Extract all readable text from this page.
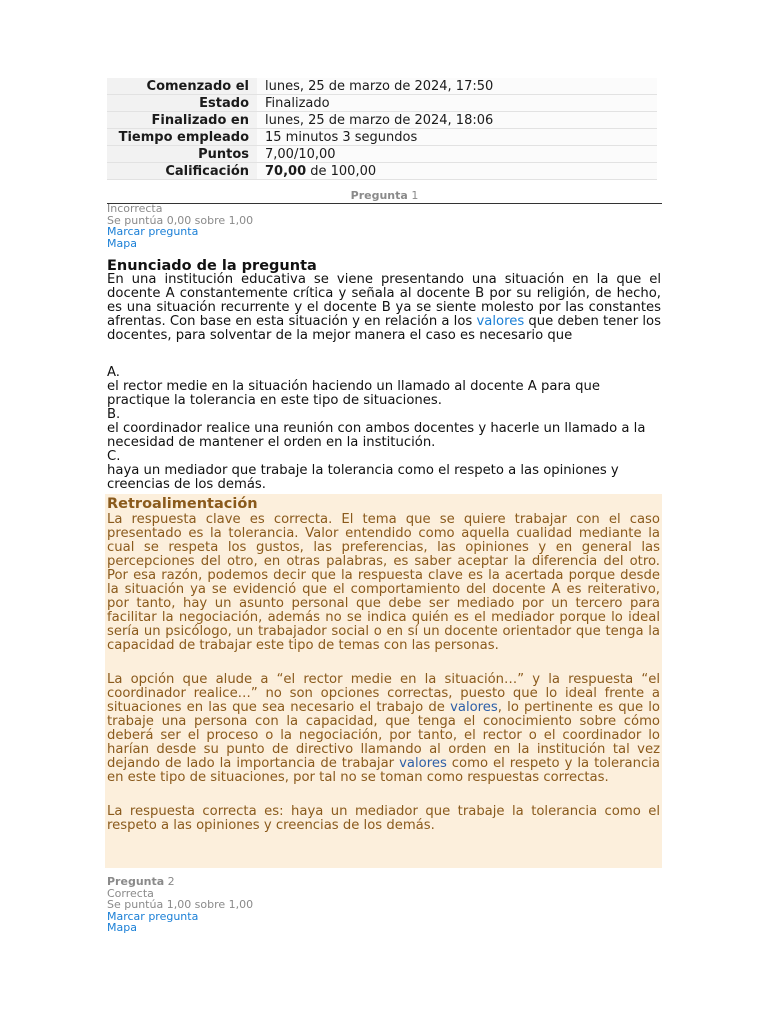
Comenzado el	lunes, 25 de marzo de 2024, 17:50
Estado	Finalizado
Finalizado en	lunes, 25 de marzo de 2024, 18:06
Tiempo empleado	15 minutos 3 segundos
Puntos	7,00/10,00
Calificación	70,00 de 100,00
Pregunta 1
Incorrecta
Se puntúa 0,00 sobre 1,00
Marcar pregunta
Mapa
Enunciado de la pregunta
En una institución educativa se viene presentando una situación en la que el docente A constantemente crítica y señala al docente B por su religión, de hecho, es una situación recurrente y el docente B ya se siente molesto por las constantes afrentas. Con base en esta situación y en relación a los valores que deben tener los docentes, para solventar de la mejor manera el caso es necesario que

A.

el rector medie en la situación haciendo un llamado al docente A para que practique la tolerancia en este tipo de situaciones.

B.

el coordinador realice una reunión con ambos docentes y hacerle un llamado a la necesidad de mantener el orden en la institución.

C.

haya un mediador que trabaje la tolerancia como el respeto a las opiniones y creencias de los demás.

Retroalimentación

La respuesta clave es correcta. El tema que se quiere trabajar con el caso presentado es la tolerancia. Valor entendido como aquella cualidad mediante la cual se respeta los gustos, las preferencias, las opiniones y en general las percepciones del otro, en otras palabras, es saber aceptar la diferencia del otro. Por esa razón, podemos decir que la respuesta clave es la acertada porque desde la situación ya se evidenció que el comportamiento del docente A es reiterativo, por tanto, hay un asunto personal que debe ser mediado por un tercero para facilitar la negociación, además no se indica quién es el mediador porque lo ideal sería un psicólogo, un trabajador social o en sí un docente orientador que tenga la capacidad de trabajar este tipo de temas con las personas.

La opción que alude a “el rector medie en la situación…” y la respuesta “el coordinador realice…” no son opciones correctas, puesto que lo ideal frente a situaciones en las que sea necesario el trabajo de valores, lo pertinente es que lo trabaje una persona con la capacidad, que tenga el conocimiento sobre cómo deberá ser el proceso o la negociación, por tanto, el rector o el coordinador lo harían desde su punto de directivo llamando al orden en la institución tal vez dejando de lado la importancia de trabajar valores como el respeto y la tolerancia en este tipo de situaciones, por tal no se toman como respuestas correctas.

La respuesta correcta es: haya un mediador que trabaje la tolerancia como el respeto a las opiniones y creencias de los demás.

Pregunta 2
Correcta
Se puntúa 1,00 sobre 1,00
Marcar pregunta
Mapa
